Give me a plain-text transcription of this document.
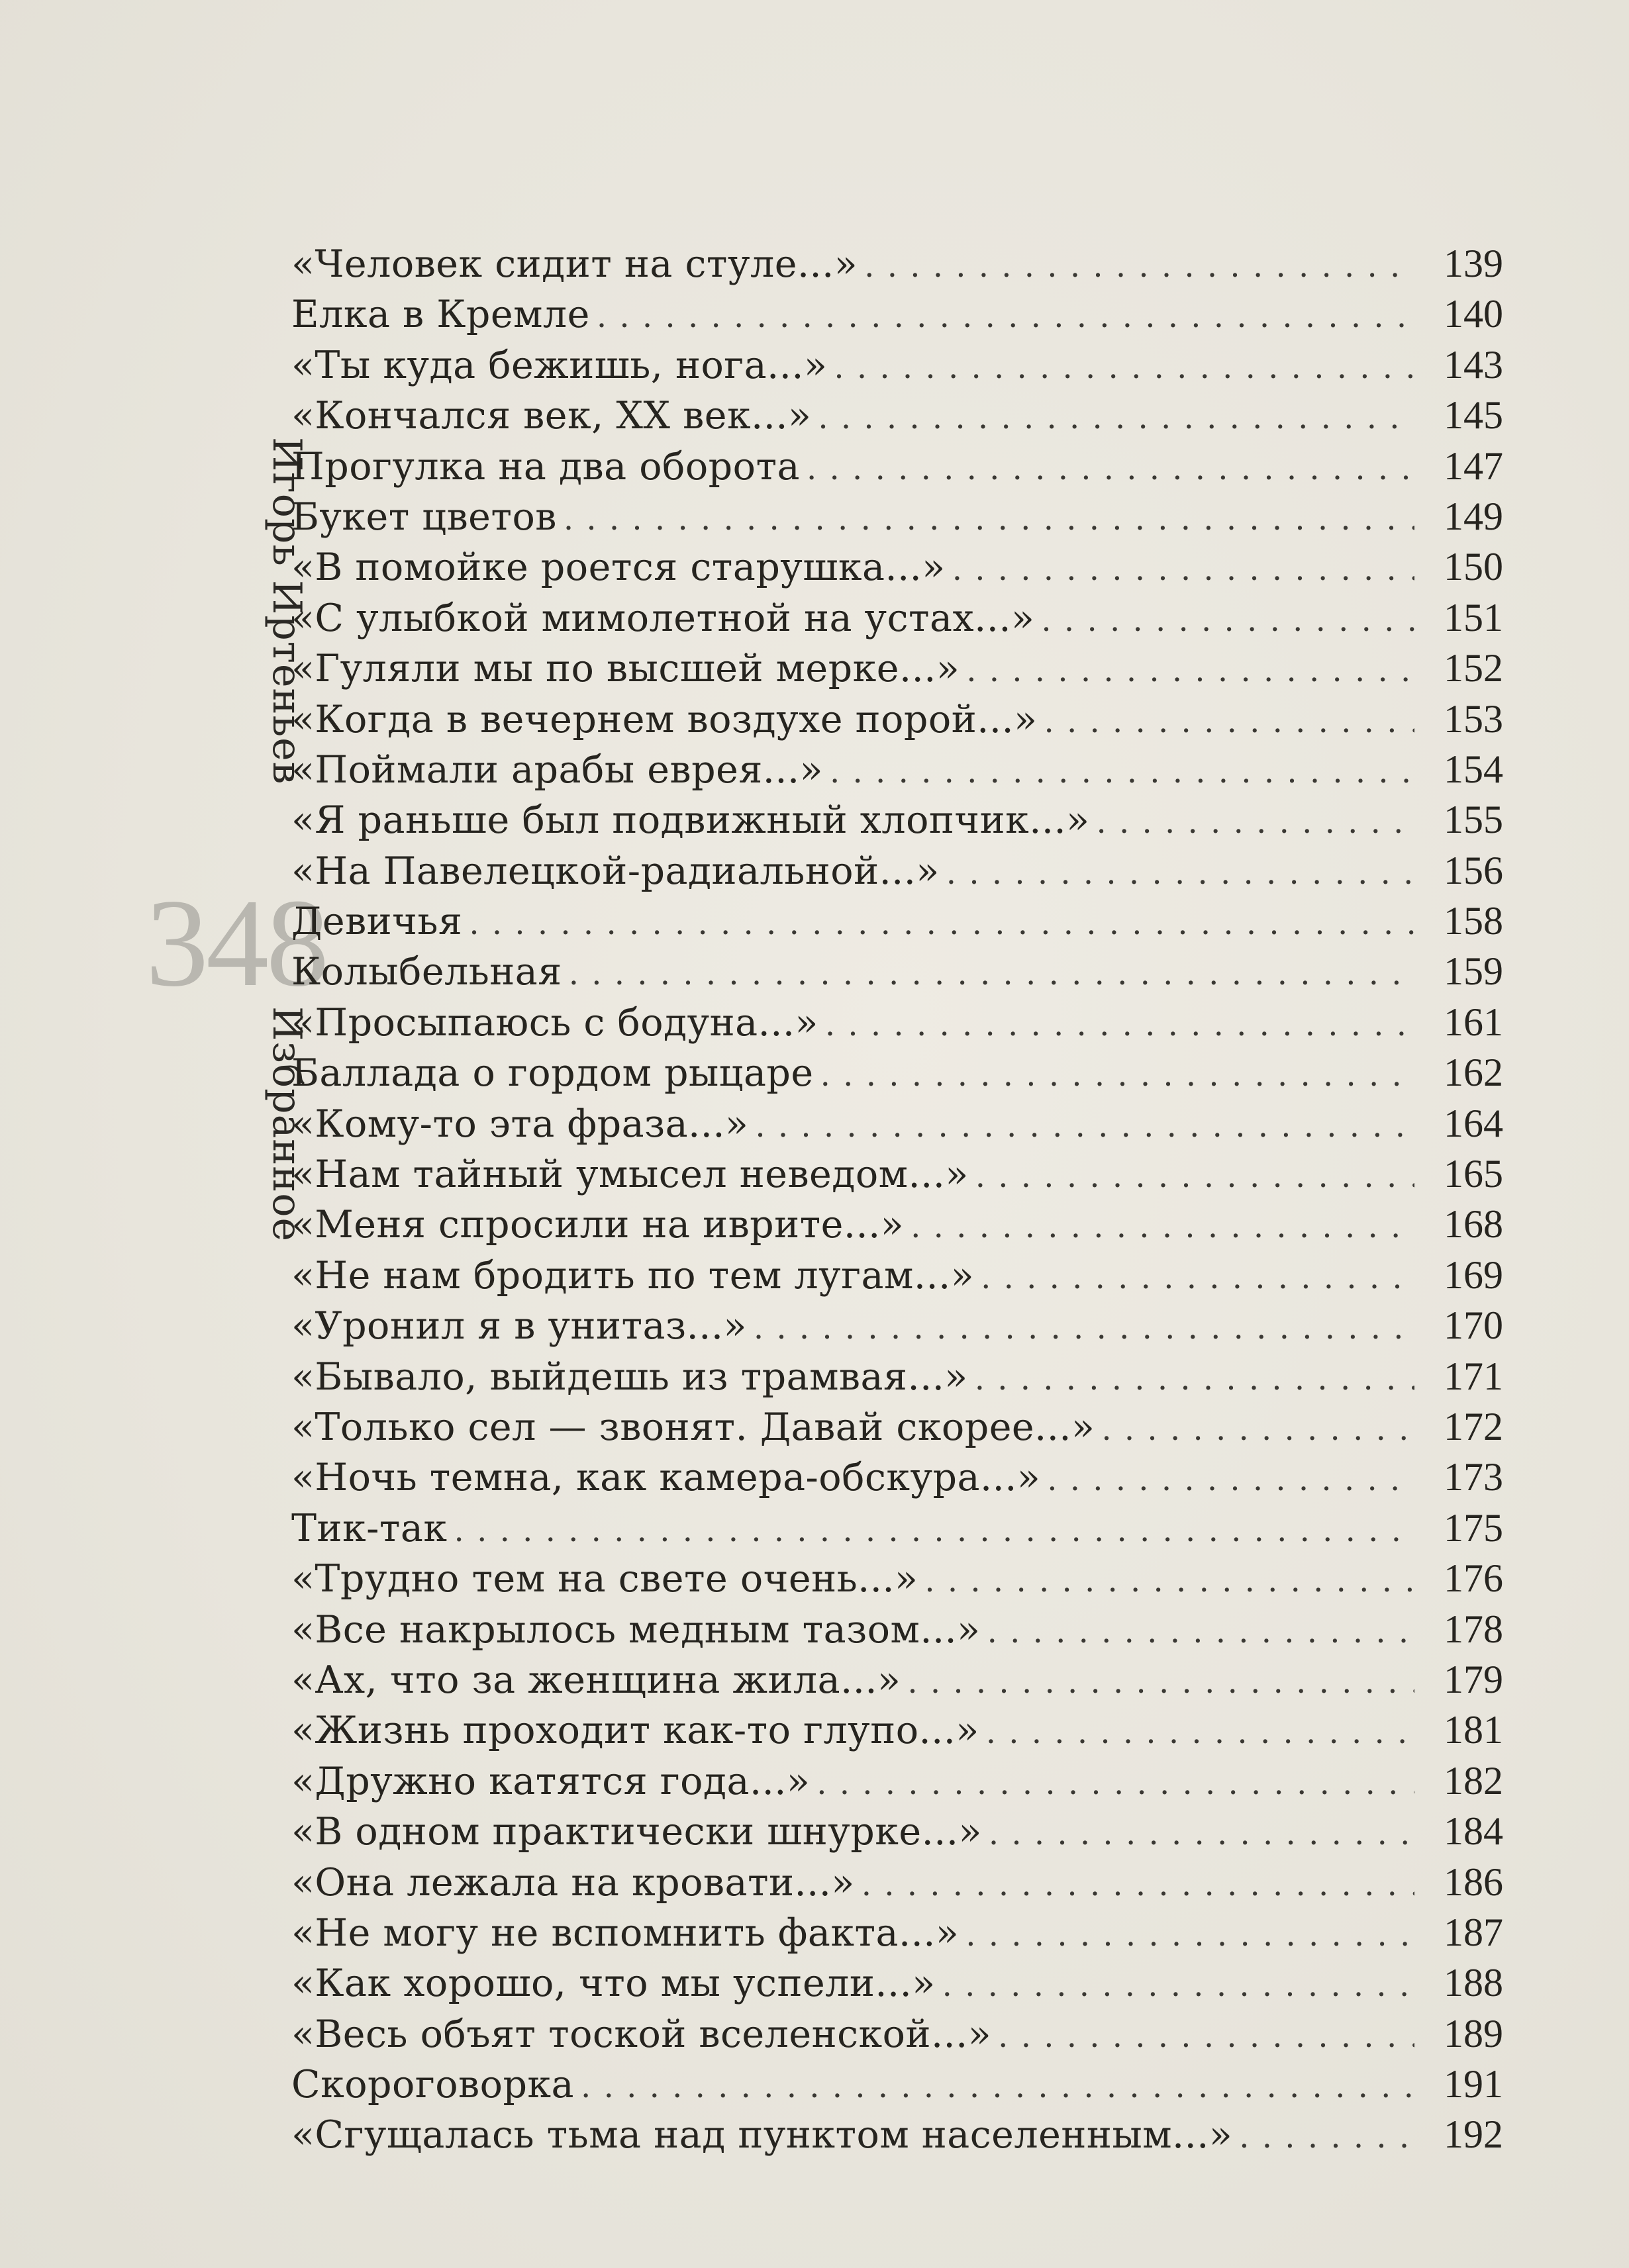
Игорь Иртеньев
348
Избранное
«Человек сидит на стуле...» . . .	139
Елка в Кремле . . .	140
«Ты куда бежишь, нога...» . . .	143
«Кончался век, XX век...» . . .	145
Прогулка на два оборота . . .	147
Букет цветов . . .	149
«В помойке роется старушка...» . . .	150
«С улыбкой мимолетной на устах...» . . .	151
«Гуляли мы по высшей мерке...» . . .	152
«Когда в вечернем воздухе порой...» . . .	153
«Поймали арабы еврея...» . . .	154
«Я раньше был подвижный хлопчик...» . . .	155
«На Павелецкой-радиальной...» . . .	156
Девичья . . .	158
Колыбельная . . .	159
«Просыпаюсь с бодуна...» . . .	161
Баллада о гордом рыцаре . . .	162
«Кому-то эта фраза...» . . .	164
«Нам тайный умысел неведом...» . . .	165
«Меня спросили на иврите...» . . .	168
«Не нам бродить по тем лугам...» . . .	169
«Уронил я в унитаз...» . . .	170
«Бывало, выйдешь из трамвая...» . . .	171
«Только сел — звонят. Давай скорее...» . . .	172
«Ночь темна, как камера-обскура...» . . .	173
Тик-так . . .	175
«Трудно тем на свете очень...» . . .	176
«Все накрылось медным тазом...» . . .	178
«Ах, что за женщина жила...» . . .	179
«Жизнь проходит как-то глупо...» . . .	181
«Дружно катятся года...» . . .	182
«В одном практически шнурке...» . . .	184
«Она лежала на кровати...» . . .	186
«Не могу не вспомнить факта...» . . .	187
«Как хорошо, что мы успели...» . . .	188
«Весь объят тоской вселенской...» . . .	189
Скороговорка . . .	191
«Сгущалась тьма над пунктом населенным...» . . .	192
